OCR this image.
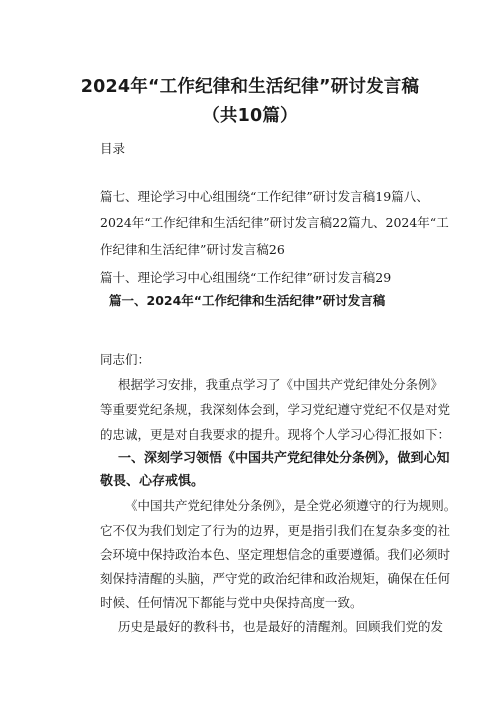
2024年“工作纪律和生活纪律”研讨发言稿
（共10篇）
目录
篇七、理论学习中心组围绕“工作纪律”研讨发言稿19篇八、
2024年“工作纪律和生活纪律”研讨发言稿22篇九、2024年“工
作纪律和生活纪律”研讨发言稿26
篇十、理论学习中心组围绕“工作纪律”研讨发言稿29
篇一、2024年“工作纪律和生活纪律”研讨发言稿
同志们：
根据学习安排，我重点学习了《中国共产党纪律处分条例》
等重要党纪条规，我深刻体会到，学习党纪遵守党纪不仅是对党
的忠诚，更是对自我要求的提升。现将个人学习心得汇报如下：
一、深刻学习领悟《中国共产党纪律处分条例》，做到心知
敬畏、心存戒惧。
《中国共产党纪律处分条例》，是全党必须遵守的行为规则。
它不仅为我们划定了行为的边界，更是指引我们在复杂多变的社
会环境中保持政治本色、坚定理想信念的重要遵循。我们必须时
刻保持清醒的头脑，严守党的政治纪律和政治规矩，确保在任何
时候、任何情况下都能与党中央保持高度一致。
历史是最好的教科书，也是最好的清醒剂。回顾我们党的发
